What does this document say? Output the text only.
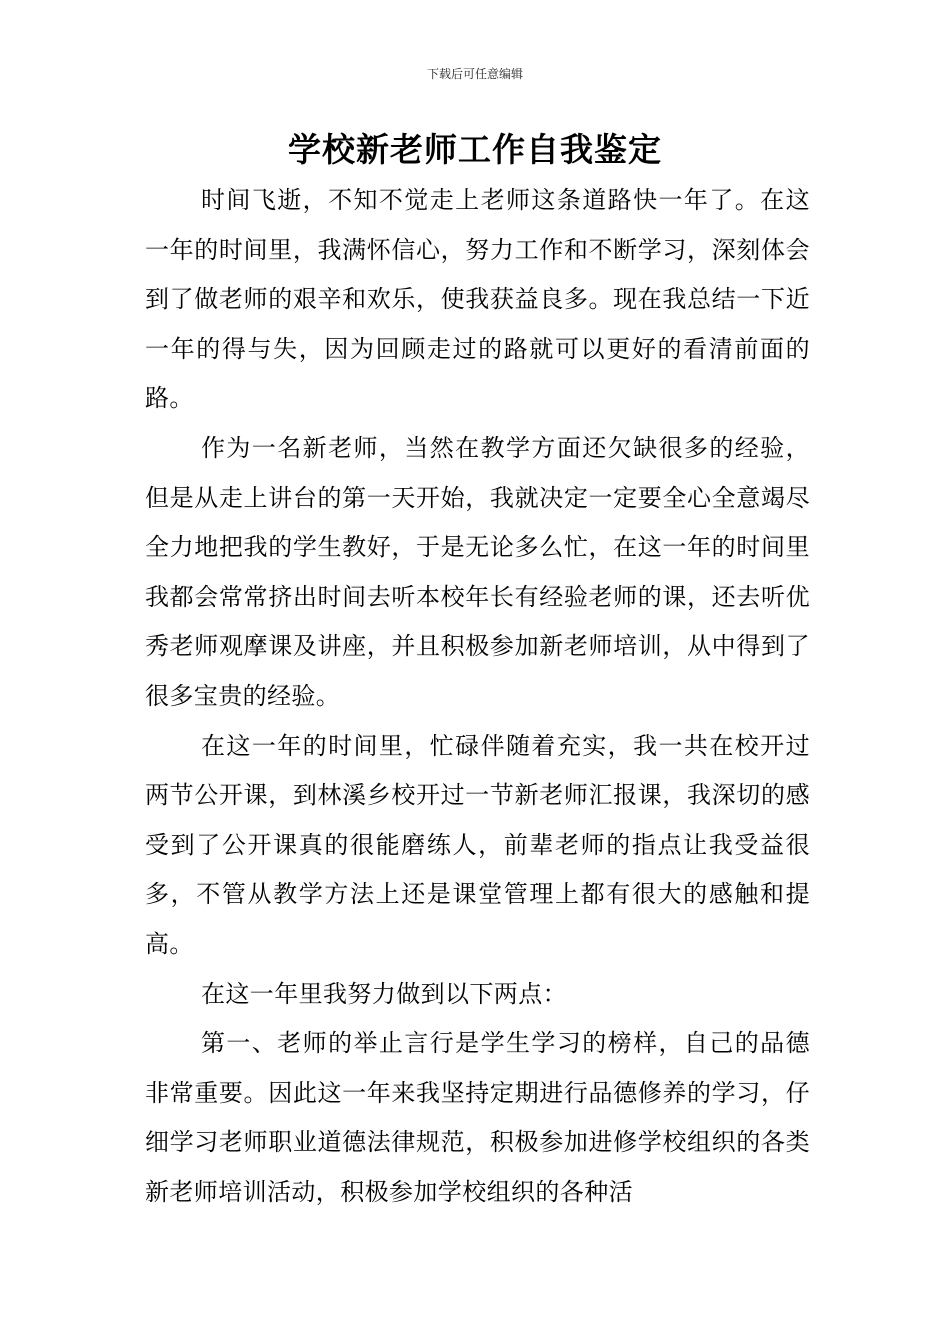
下载后可任意编辑
学校新老师工作自我鉴定

时间飞逝，不知不觉走上老师这条道路快一年了。在这一年的时间里，我满怀信心，努力工作和不断学习，深刻体会到了做老师的艰辛和欢乐，使我获益良多。现在我总结一下近一年的得与失，因为回顾走过的路就可以更好的看清前面的路。

作为一名新老师，当然在教学方面还欠缺很多的经验，但是从走上讲台的第一天开始，我就决定一定要全心全意竭尽全力地把我的学生教好，于是无论多么忙，在这一年的时间里我都会常常挤出时间去听本校年长有经验老师的课，还去听优秀老师观摩课及讲座，并且积极参加新老师培训，从中得到了很多宝贵的经验。

在这一年的时间里，忙碌伴随着充实，我一共在校开过两节公开课，到林溪乡校开过一节新老师汇报课，我深切的感受到了公开课真的很能磨练人，前辈老师的指点让我受益很多，不管从教学方法上还是课堂管理上都有很大的感触和提高。

在这一年里我努力做到以下两点：

第一、老师的举止言行是学生学习的榜样，自己的品德非常重要。因此这一年来我坚持定期进行品德修养的学习，仔细学习老师职业道德法律规范，积极参加进修学校组织的各类新老师培训活动，积极参加学校组织的各种活
